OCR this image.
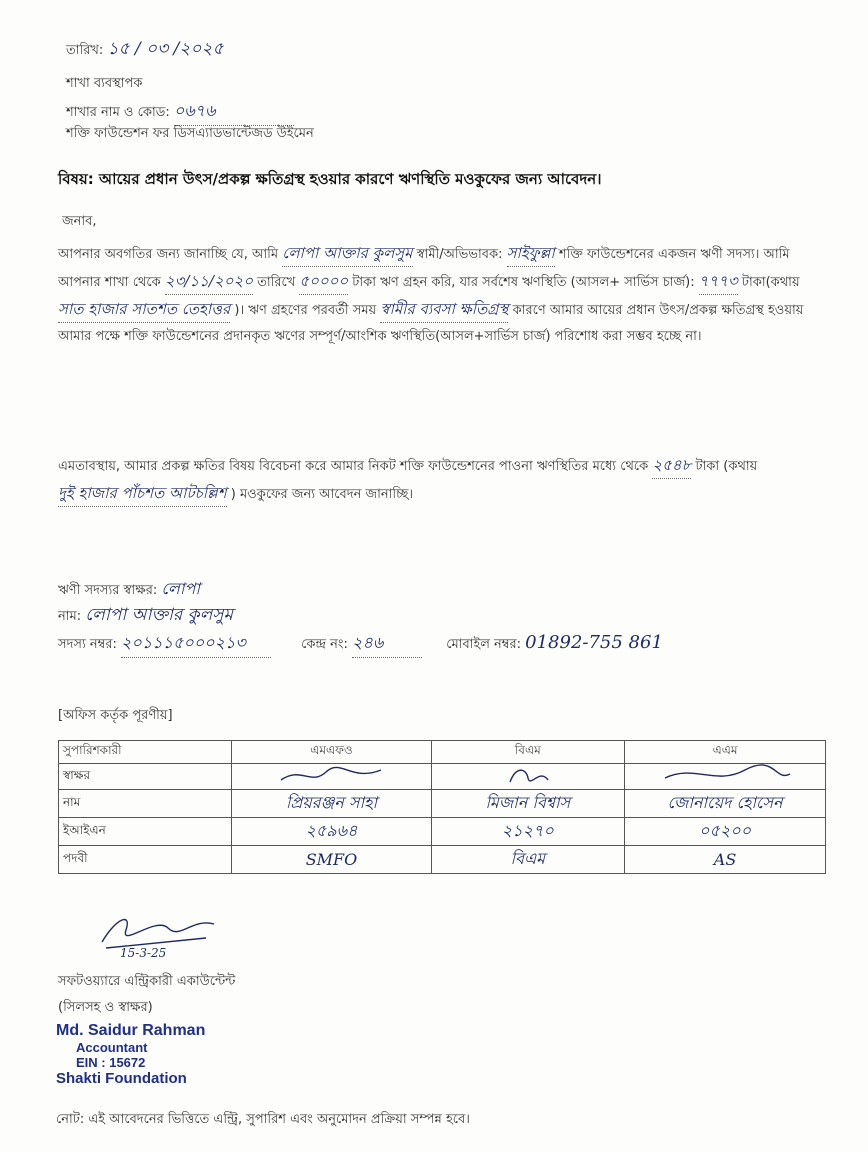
তারিখ: ১৫ / ০৩ /২০২৫
শাখা ব্যবস্থাপক
শাখার নাম ও কোড: ০৬৭৬
শক্তি ফাউন্ডেশন ফর ডিসএ্যাডভান্টেজড উইমেন
বিষয়: আয়ের প্রধান উৎস/প্রকল্প ক্ষতিগ্রস্থ হওয়ার কারণে ঋণস্থিতি মওকুফের জন্য আবেদন।
জনাব,
আপনার অবগতির জন্য জানাচ্ছি যে, আমি লোপা আক্তার কুলসুম স্বামী/অভিভাবক: সাইফুল্লা শক্তি ফাউন্ডেশনের একজন ঋণী সদস্য। আমি আপনার শাখা থেকে ২৩/১১/২০২০ তারিখে ৫০০০০ টাকা ঋণ গ্রহন করি, যার সর্বশেষ ঋণস্থিতি (আসল+ সার্ভিস চার্জ): ৭৭৭৩ টাকা(কথায় সাত হাজার সাতশত তেহাত্তর )। ঋণ গ্রহণের পরবর্তী সময় স্বামীর ব্যবসা ক্ষতিগ্রস্থ কারণে আমার আয়ের প্রধান উৎস/প্রকল্প ক্ষতিগ্রস্থ হওয়ায় আমার পক্ষে শক্তি ফাউন্ডেশনের প্রদানকৃত ঋণের সম্পূর্ণ/আংশিক ঋণস্থিতি(আসল+সার্ভিস চার্জ) পরিশোধ করা সম্ভব হচ্ছে না।
এমতাবস্থায়, আমার প্রকল্প ক্ষতির বিষয় বিবেচনা করে আমার নিকট শক্তি ফাউন্ডেশনের পাওনা ঋণস্থিতির মধ্যে থেকে ২৫৪৮ টাকা (কথায় দুই হাজার পাঁচশত আটচল্লিশ ) মওকুফের জন্য আবেদন জানাচ্ছি।
ঋণী সদস্যর স্বাক্ষর: লোপা
নাম: লোপা আক্তার কুলসুম
সদস্য নম্বর: ২০১১১৫০০০২১৩	কেন্দ্র নং: ২৪৬	মোবাইল নম্বর: 01892-755 861
[অফিস কর্তৃক পূরণীয়]
সুপারিশকারী	এমএফও	বিএম	এএম
স্বাক্ষর			
নাম	প্রিয়রঞ্জন সাহা	মিজান বিশ্বাস	জোনায়েদ হোসেন
ইআইএন	২৫৯৬৪	২১২৭০	০৫২০০
পদবী	SMFO	বিএম	AS
15-3-25
সফটওয়্যারে এন্ট্রিকারী একাউন্টেন্ট
(সিলসহ ও স্বাক্ষর)
Md. Saidur Rahman
Accountant
EIN : 15672
Shakti Foundation
নোট: এই আবেদনের ভিত্তিতে এন্ট্রি, সুপারিশ এবং অনুমোদন প্রক্রিয়া সম্পন্ন হবে।
